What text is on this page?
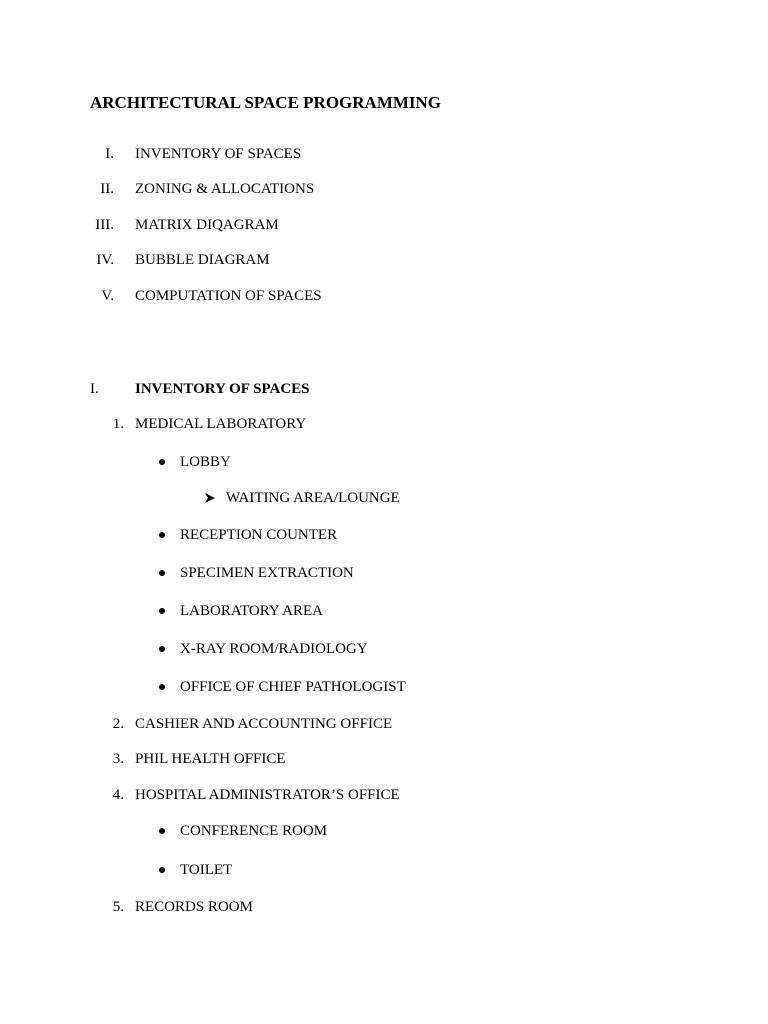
ARCHITECTURAL SPACE PROGRAMMING
I. INVENTORY OF SPACES
II. ZONING & ALLOCATIONS
III. MATRIX DIQAGRAM
IV. BUBBLE DIAGRAM
V. COMPUTATION OF SPACES
I. INVENTORY OF SPACES
1. MEDICAL LABORATORY
LOBBY
WAITING AREA/LOUNGE
RECEPTION COUNTER
SPECIMEN EXTRACTION
LABORATORY AREA
X-RAY ROOM/RADIOLOGY
OFFICE OF CHIEF PATHOLOGIST
2. CASHIER AND ACCOUNTING OFFICE
3. PHIL HEALTH OFFICE
4. HOSPITAL ADMINISTRATOR’S OFFICE
CONFERENCE ROOM
TOILET
5. RECORDS ROOM
